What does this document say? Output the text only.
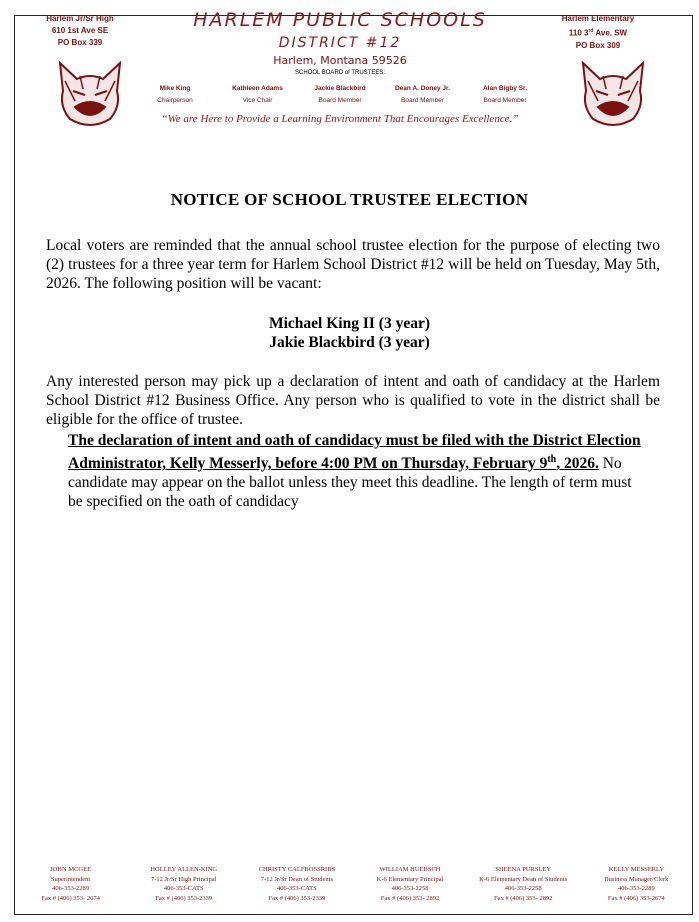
Harlem Jr/Sr High
610 1st Ave SE
PO Box 339
Harlem Elementary
110 3rd Ave. SW
PO Box 309
HARLEM PUBLIC SCHOOLS
DISTRICT #12
Harlem, Montana 59526
SCHOOL BOARD of TRUSTEES:
Mike King
Chairperson
Kathleen Adams
Vice Chair
Jackie Blackbird
Board Member
Dean A. Doney Jr.
Board Member
Alan Bigby Sr.
Board Member
“We are Here to Provide a Learning Environment That Encourages Excellence.”
NOTICE OF SCHOOL TRUSTEE ELECTION
Local voters are reminded that the annual school trustee election for the purpose of electing two (2) trustees for a three year term for Harlem School District #12 will be held on Tuesday, May 5th, 2026. The following position will be vacant:
Michael King II (3 year)
Jakie Blackbird (3 year)
Any interested person may pick up a declaration of intent and oath of candidacy at the Harlem School District #12 Business Office. Any person who is qualified to vote in the district shall be eligible for the office of trustee.
The declaration of intent and oath of candidacy must be filed with the District Election Administrator, Kelly Messerly, before 4:00 PM on Thursday, February 9th, 2026. No candidate may appear on the ballot unless they meet this deadline. The length of term must be specified on the oath of candidacy
JOHN MCGEE
Superintendent
406-353-2289
Fax # (406) 353- 2674
HOLLEY ALLEN-KING
7-12 Jr/Sr High Principal
406-353-CATS
Fax # (406) 353-2339
CHRISTY CALFBOSSRIBS
7-12 Jr/Sr Dean of Students
406-353-CATS
Fax # (406) 353-2339
WILLIAM HUEBSCH
K-6 Elementary Principal
406-353-2258
Fax # (406) 353- 2892
SHEENA PURSLEY
K-6 Elementary Dean of Students
406-353-2258
Fax # (406) 353- 2892
KELLY MESSERLY
Business Manager/Clerk
406-353-2289
Fax # (406) 353-2674
